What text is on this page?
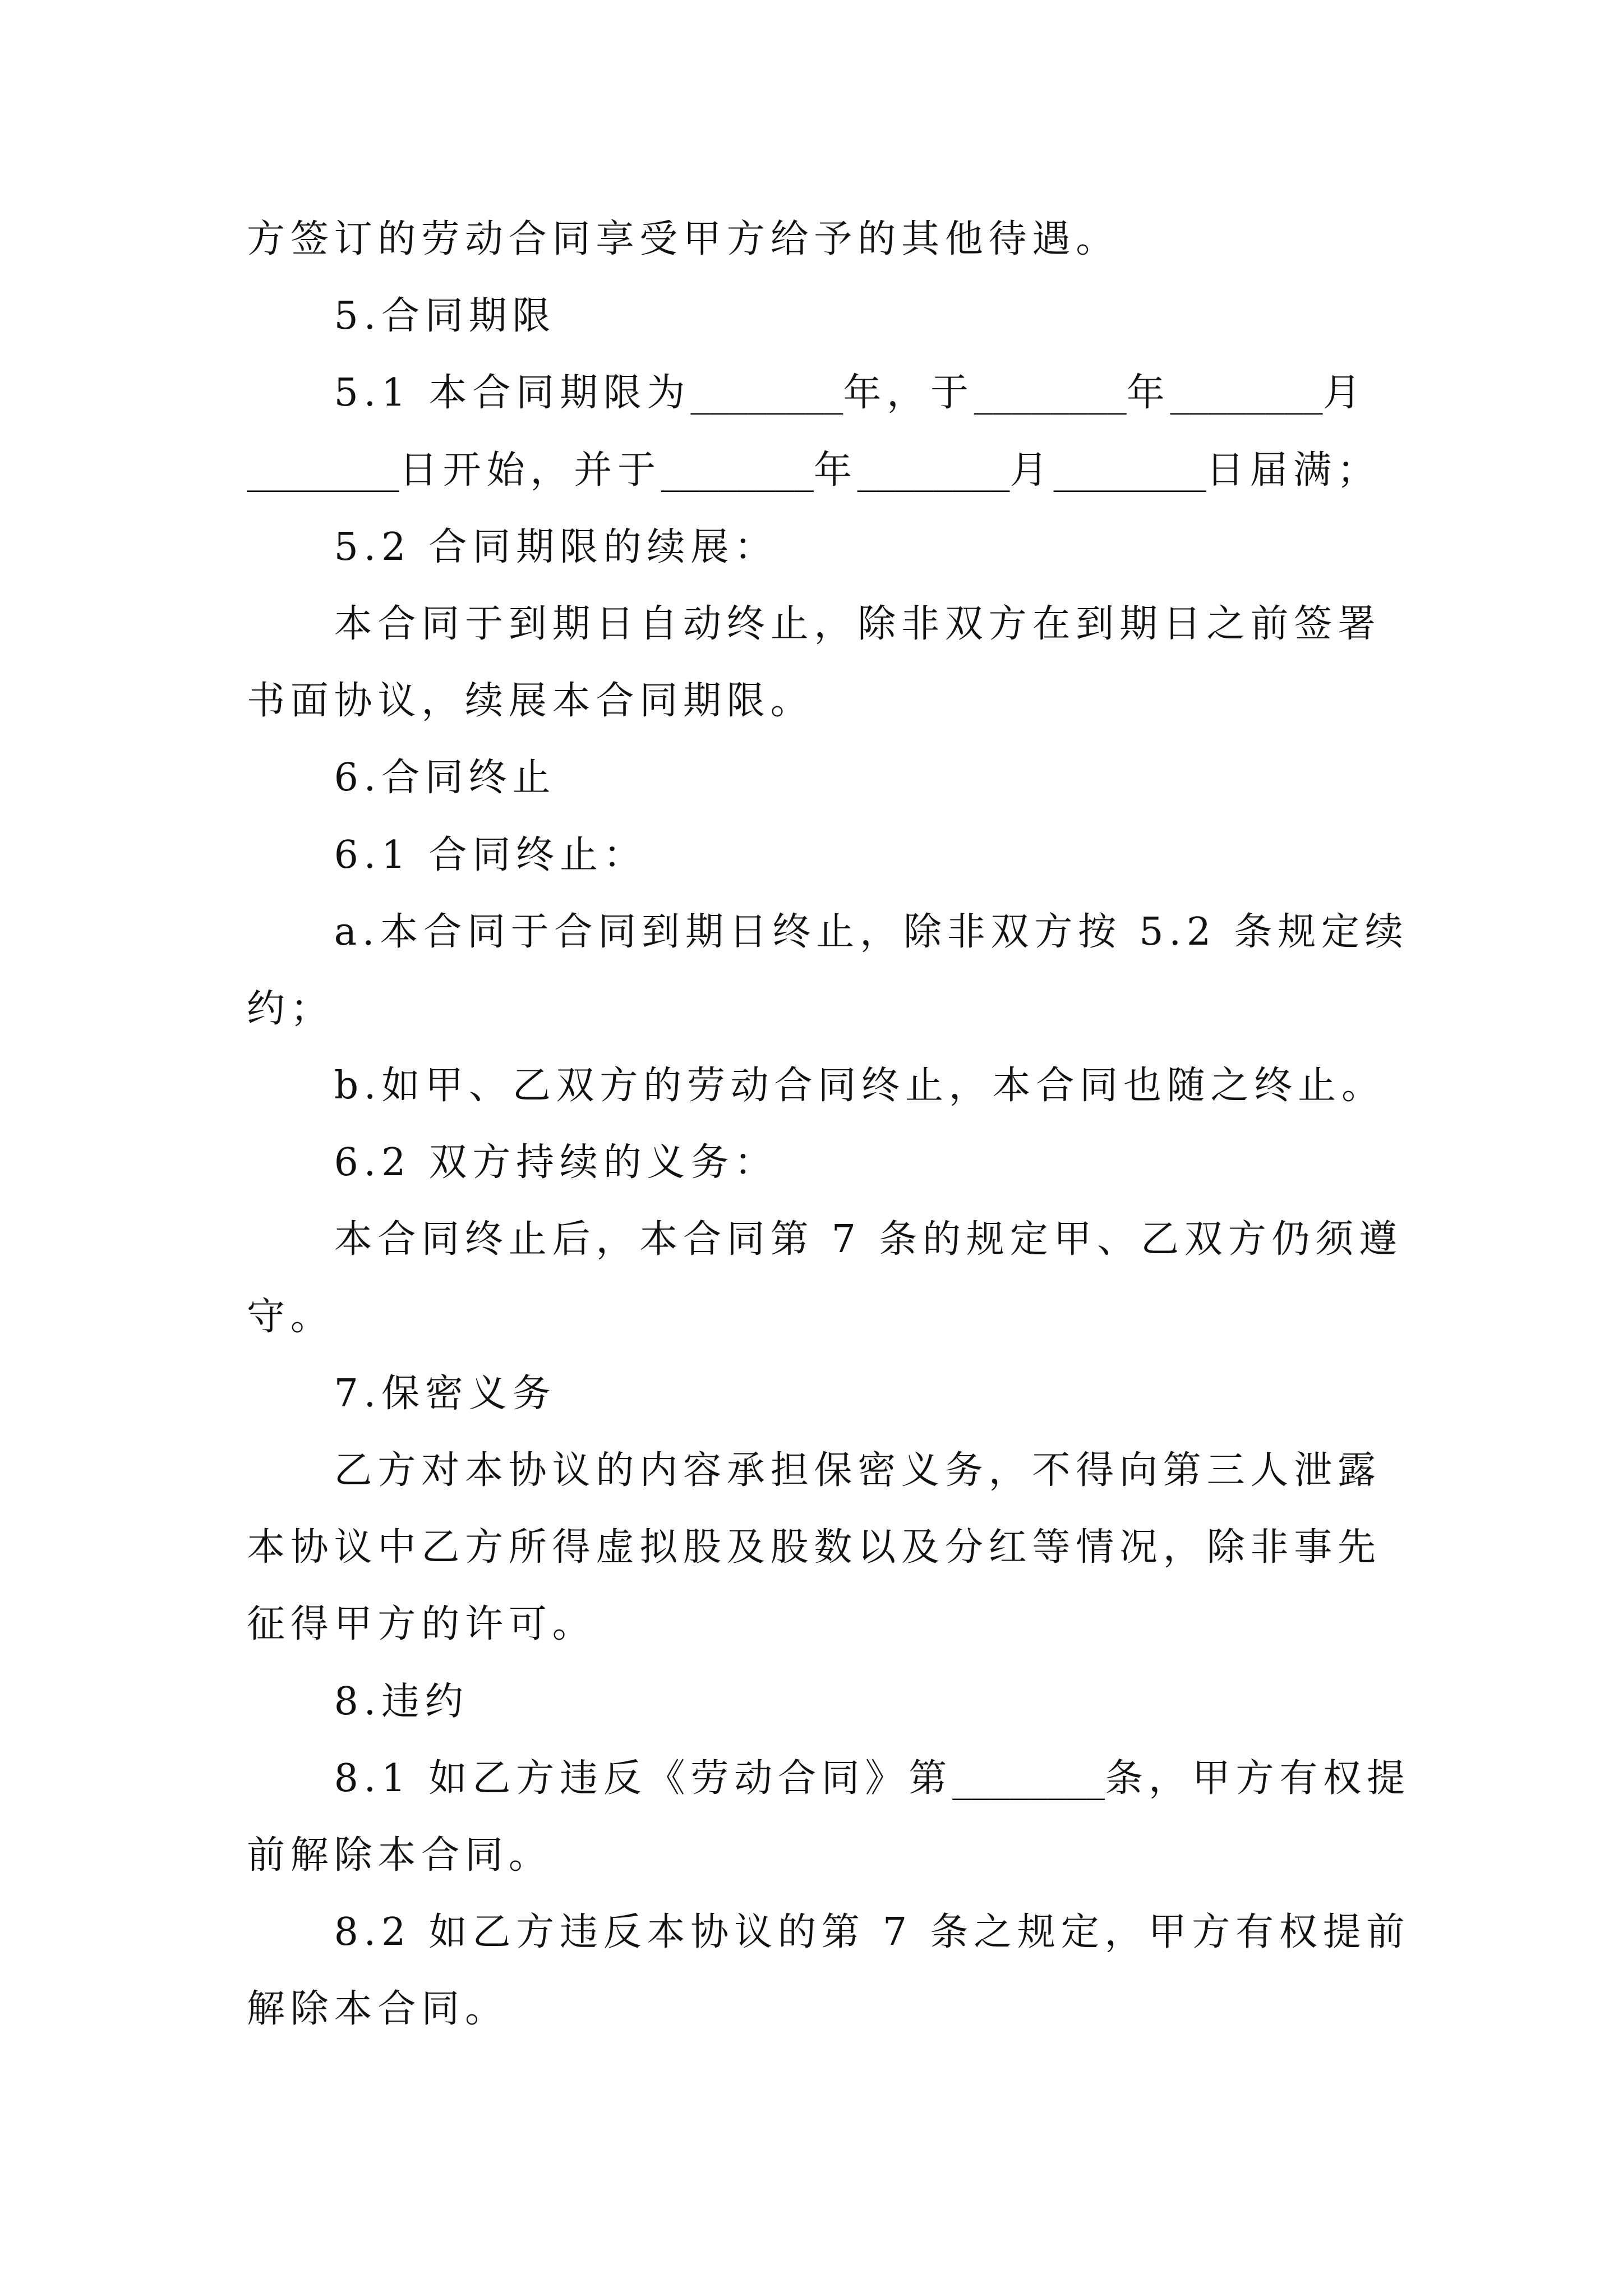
方签订的劳动合同享受甲方给予的其他待遇。
5.合同期限
5.1 本合同期限为________年，于________年________月
________日开始，并于________年________月________日届满；
5.2 合同期限的续展：
本合同于到期日自动终止，除非双方在到期日之前签署
书面协议，续展本合同期限。
6.合同终止
6.1 合同终止：
a.本合同于合同到期日终止，除非双方按 5.2 条规定续
约；
b.如甲、乙双方的劳动合同终止，本合同也随之终止。
6.2 双方持续的义务：
本合同终止后，本合同第 7 条的规定甲、乙双方仍须遵
守。
7.保密义务
乙方对本协议的内容承担保密义务，不得向第三人泄露
本协议中乙方所得虚拟股及股数以及分红等情况，除非事先
征得甲方的许可。
8.违约
8.1 如乙方违反《劳动合同》第________条，甲方有权提
前解除本合同。
8.2 如乙方违反本协议的第 7 条之规定，甲方有权提前
解除本合同。
